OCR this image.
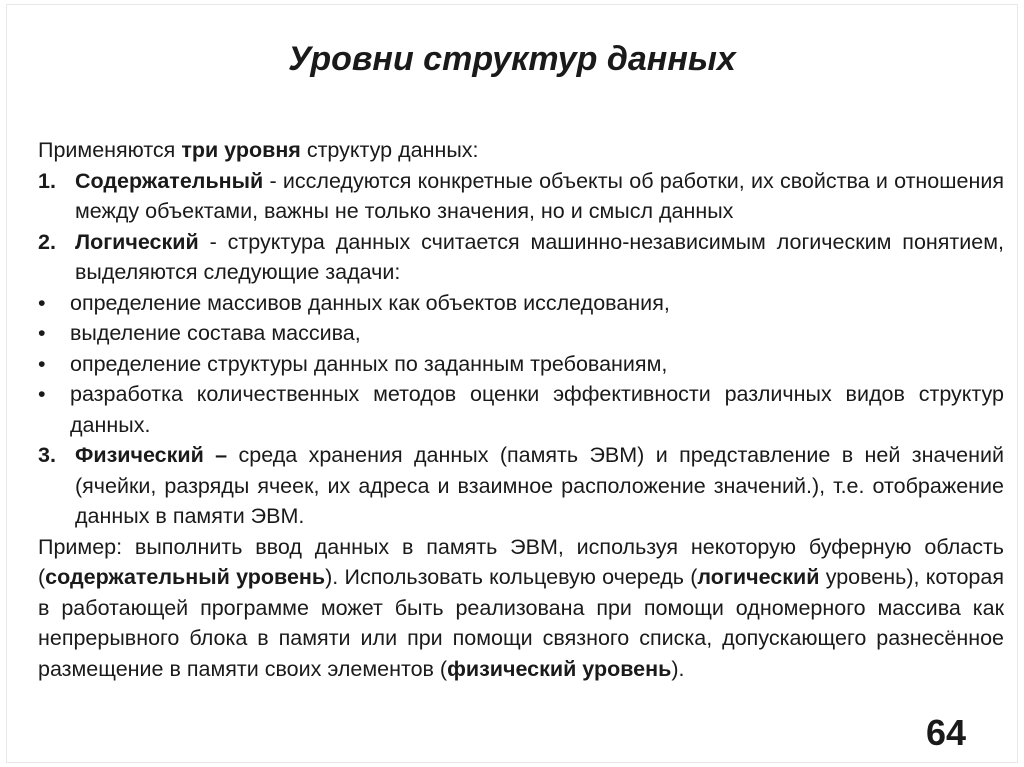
Уровни структур данных

Применяются три уровня структур данных:

1. Содержательный - исследуются конкретные объекты об работки, их свойства и отношения между объектами, важны не только значения, но и смысл данных
2. Логический - структура данных считается машинно-независимым логическим понятием, выделяются следующие задачи:
• определение массивов данных как объектов исследования,
• выделение состава массива,
• определение структуры данных по заданным требованиям,
• разработка количественных методов оценки эффективности различных видов структур данных.
3. Физический – среда хранения данных (память ЭВМ) и представление в ней значений (ячейки, разряды ячеек, их адреса и взаимное расположение значений.), т.е. отображение данных в памяти ЭВМ.

Пример: выполнить ввод данных в память ЭВМ, используя некоторую буферную область (содержательный уровень). Использовать кольцевую очередь (логический уровень), которая в работающей программе может быть реализована при помощи одномерного массива как непрерывного блока в памяти или при помощи связного списка, допускающего разнесённое размещение в памяти своих элементов (физический уровень).

64
